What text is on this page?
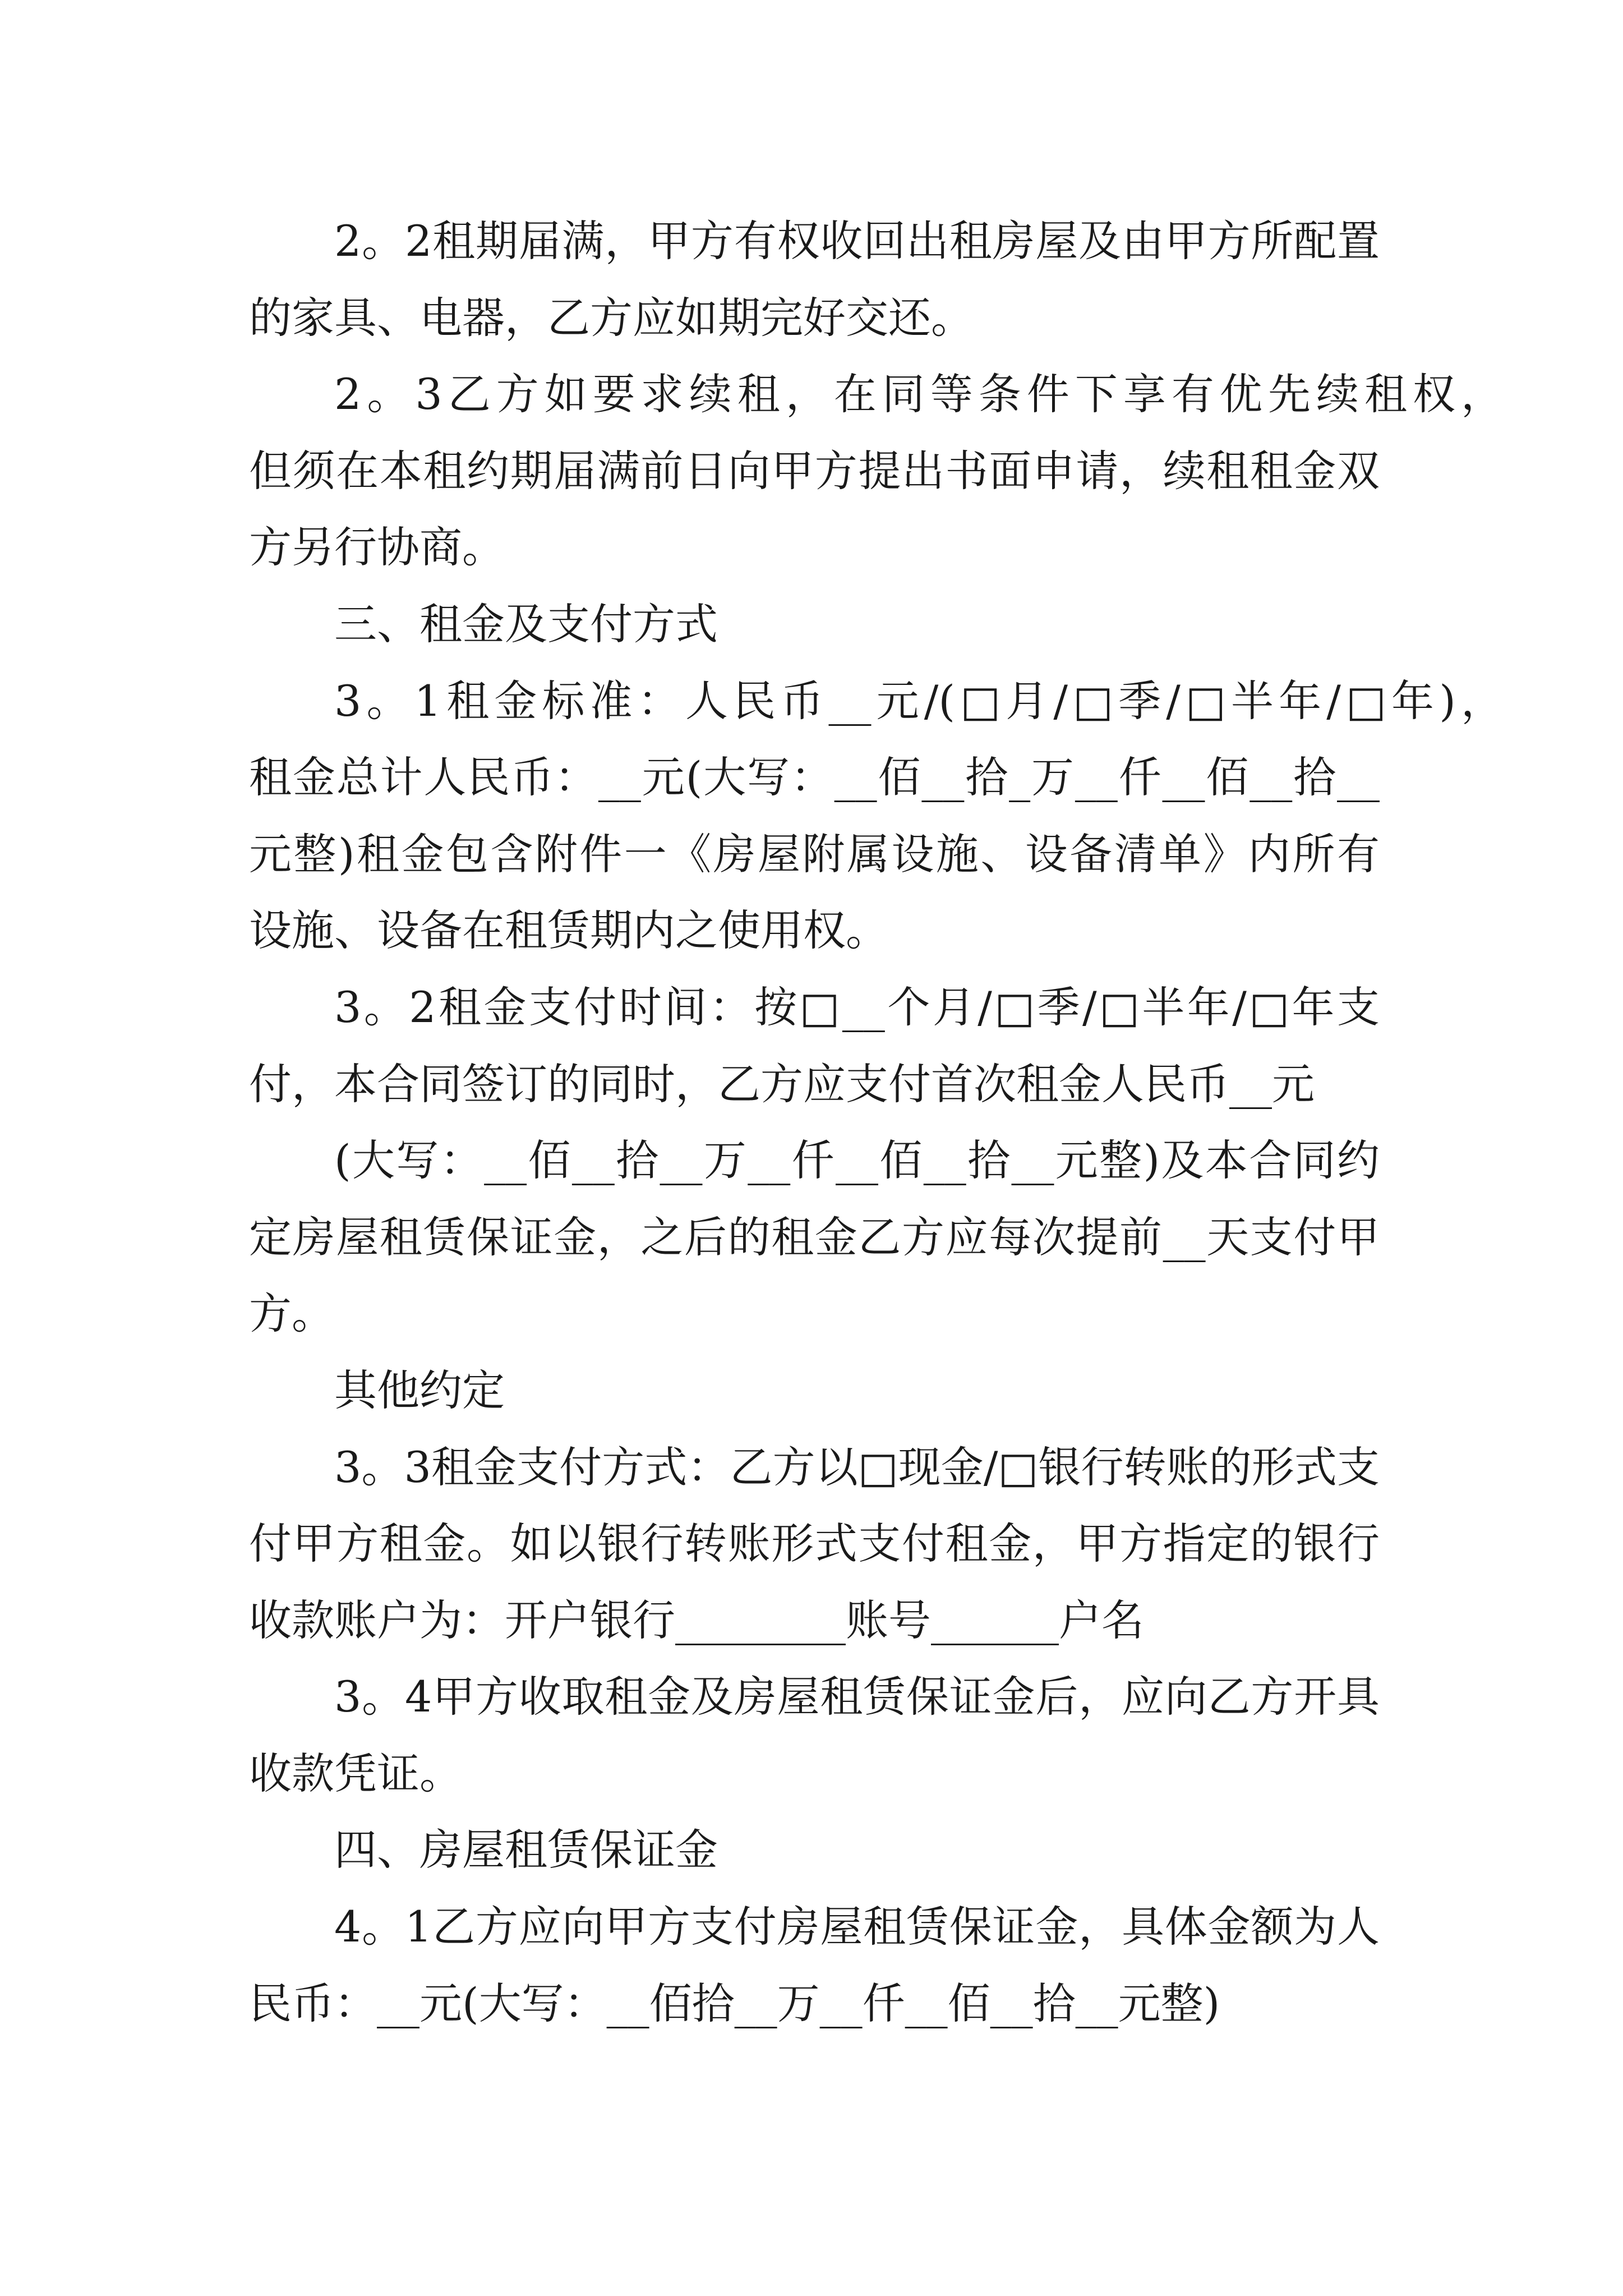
2。2租期届满，甲方有权收回出租房屋及由甲方所配置
的家具、电器，乙方应如期完好交还。
2。3乙方如要求续租，在同等条件下享有优先续租权，
但须在本租约期届满前日向甲方提出书面申请，续租租金双
方另行协商。
三、租金及支付方式
3。1租金标准：人民币__元/(□月/□季/□半年/□年)，
租金总计人民币：__元(大写：__佰__拾_万__仟__佰__拾__
元整)租金包含附件一《房屋附属设施、设备清单》内所有
设施、设备在租赁期内之使用权。
3。2租金支付时间：按□__个月/□季/□半年/□年支
付，本合同签订的同时，乙方应支付首次租金人民币__元
(大写：__佰__拾__万__仟__佰__拾__元整)及本合同约
定房屋租赁保证金，之后的租金乙方应每次提前__天支付甲
方。
其他约定
3。3租金支付方式：乙方以□现金/□银行转账的形式支
付甲方租金。如以银行转账形式支付租金，甲方指定的银行
收款账户为：开户银行________账号______户名
3。4甲方收取租金及房屋租赁保证金后，应向乙方开具
收款凭证。
四、房屋租赁保证金
4。1乙方应向甲方支付房屋租赁保证金，具体金额为人
民币：__元(大写：__佰拾__万__仟__佰__拾__元整)
